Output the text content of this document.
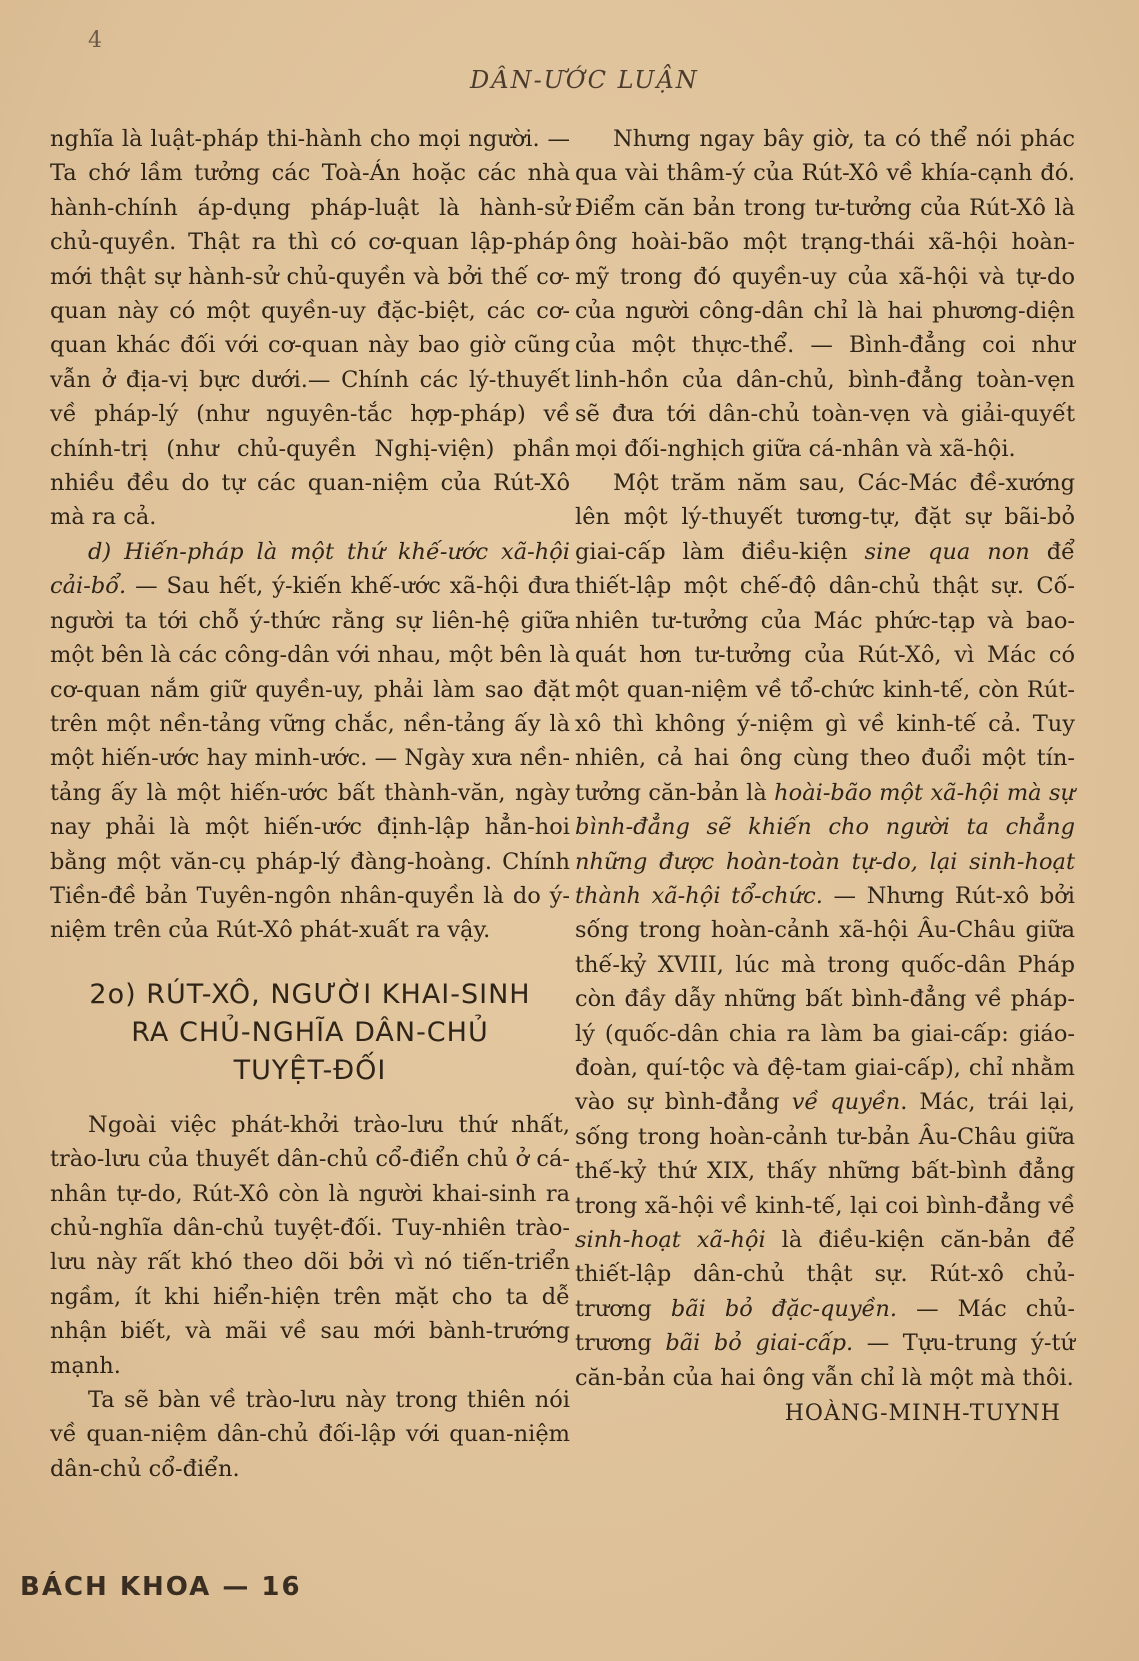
4
DÂN-ƯỚC LUẬN

nghĩa là luật-pháp thi-hành cho mọi người. — Ta chớ lầm tưởng các Toà-Án hoặc các nhà hành-chính áp-dụng pháp-luật là hành-sử chủ-quyền. Thật ra thì có cơ-quan lập-pháp mới thật sự hành-sử chủ-quyền và bởi thế cơ-quan này có một quyền-uy đặc-biệt, các cơ-quan khác đối với cơ-quan này bao giờ cũng vẫn ở địa-vị bực dưới.— Chính các lý-thuyết về pháp-lý (như nguyên-tắc hợp-pháp) về chính-trị (như chủ-quyền Nghị-viện) phần nhiều đều do tự các quan-niệm của Rút-Xô mà ra cả.

d) Hiến-pháp là một thứ khế-ước xã-hội cải-bổ. — Sau hết, ý-kiến khế-ước xã-hội đưa người ta tới chỗ ý-thức rằng sự liên-hệ giữa một bên là các công-dân với nhau, một bên là cơ-quan nắm giữ quyền-uy, phải làm sao đặt trên một nền-tảng vững chắc, nền-tảng ấy là một hiến-ước hay minh-ước. — Ngày xưa nền-tảng ấy là một hiến-ước bất thành-văn, ngày nay phải là một hiến-ước định-lập hẳn-hoi bằng một văn-cụ pháp-lý đàng-hoàng. Chính Tiền-đề bản Tuyên-ngôn nhân-quyền là do ý-niệm trên của Rút-Xô phát-xuất ra vậy.

2o) RÚT-XÔ, NGƯỜI KHAI-SINH
RA CHỦ-NGHĨA DÂN-CHỦ
TUYỆT-ĐỐI

Ngoài việc phát-khởi trào-lưu thứ nhất, trào-lưu của thuyết dân-chủ cổ-điển chủ ở cá-nhân tự-do, Rút-Xô còn là người khai-sinh ra chủ-nghĩa dân-chủ tuyệt-đối. Tuy-nhiên trào-lưu này rất khó theo dõi bởi vì nó tiến-triển ngầm, ít khi hiển-hiện trên mặt cho ta dễ nhận biết, và mãi về sau mới bành-trướng mạnh.

Ta sẽ bàn về trào-lưu này trong thiên nói về quan-niệm dân-chủ đối-lập với quan-niệm dân-chủ cổ-điển.

Nhưng ngay bây giờ, ta có thể nói phác qua vài thâm-ý của Rút-Xô về khía-cạnh đó. Điểm căn bản trong tư-tưởng của Rút-Xô là ông hoài-bão một trạng-thái xã-hội hoàn-mỹ trong đó quyền-uy của xã-hội và tự-do của người công-dân chỉ là hai phương-diện của một thực-thể. — Bình-đẳng coi như linh-hồn của dân-chủ, bình-đẳng toàn-vẹn sẽ đưa tới dân-chủ toàn-vẹn và giải-quyết mọi đối-nghịch giữa cá-nhân và xã-hội.

Một trăm năm sau, Các-Mác đề-xướng lên một lý-thuyết tương-tự, đặt sự bãi-bỏ giai-cấp làm điều-kiện sine qua non để thiết-lập một chế-độ dân-chủ thật sự. Cố-nhiên tư-tưởng của Mác phức-tạp và bao-quát hơn tư-tưởng của Rút-Xô, vì Mác có một quan-niệm về tổ-chức kinh-tế, còn Rút-xô thì không ý-niệm gì về kinh-tế cả. Tuy nhiên, cả hai ông cùng theo đuổi một tín-tưởng căn-bản là hoài-bão một xã-hội mà sự bình-đẳng sẽ khiến cho người ta chẳng những được hoàn-toàn tự-do, lại sinh-hoạt thành xã-hội tổ-chức. — Nhưng Rút-xô bởi sống trong hoàn-cảnh xã-hội Âu-Châu giữa thế-kỷ XVIII, lúc mà trong quốc-dân Pháp còn đầy dẫy những bất bình-đẳng về pháp-lý (quốc-dân chia ra làm ba giai-cấp: giáo-đoàn, quí-tộc và đệ-tam giai-cấp), chỉ nhằm vào sự bình-đẳng về quyền. Mác, trái lại, sống trong hoàn-cảnh tư-bản Âu-Châu giữa thế-kỷ thứ XIX, thấy những bất-bình đẳng trong xã-hội về kinh-tế, lại coi bình-đẳng về sinh-hoạt xã-hội là điều-kiện căn-bản để thiết-lập dân-chủ thật sự. Rút-xô chủ-trương bãi bỏ đặc-quyền. — Mác chủ-trương bãi bỏ giai-cấp. — Tựu-trung ý-tứ căn-bản của hai ông vẫn chỉ là một mà thôi.

HOÀNG-MINH-TUYNH
BÁCH KHOA — 16
